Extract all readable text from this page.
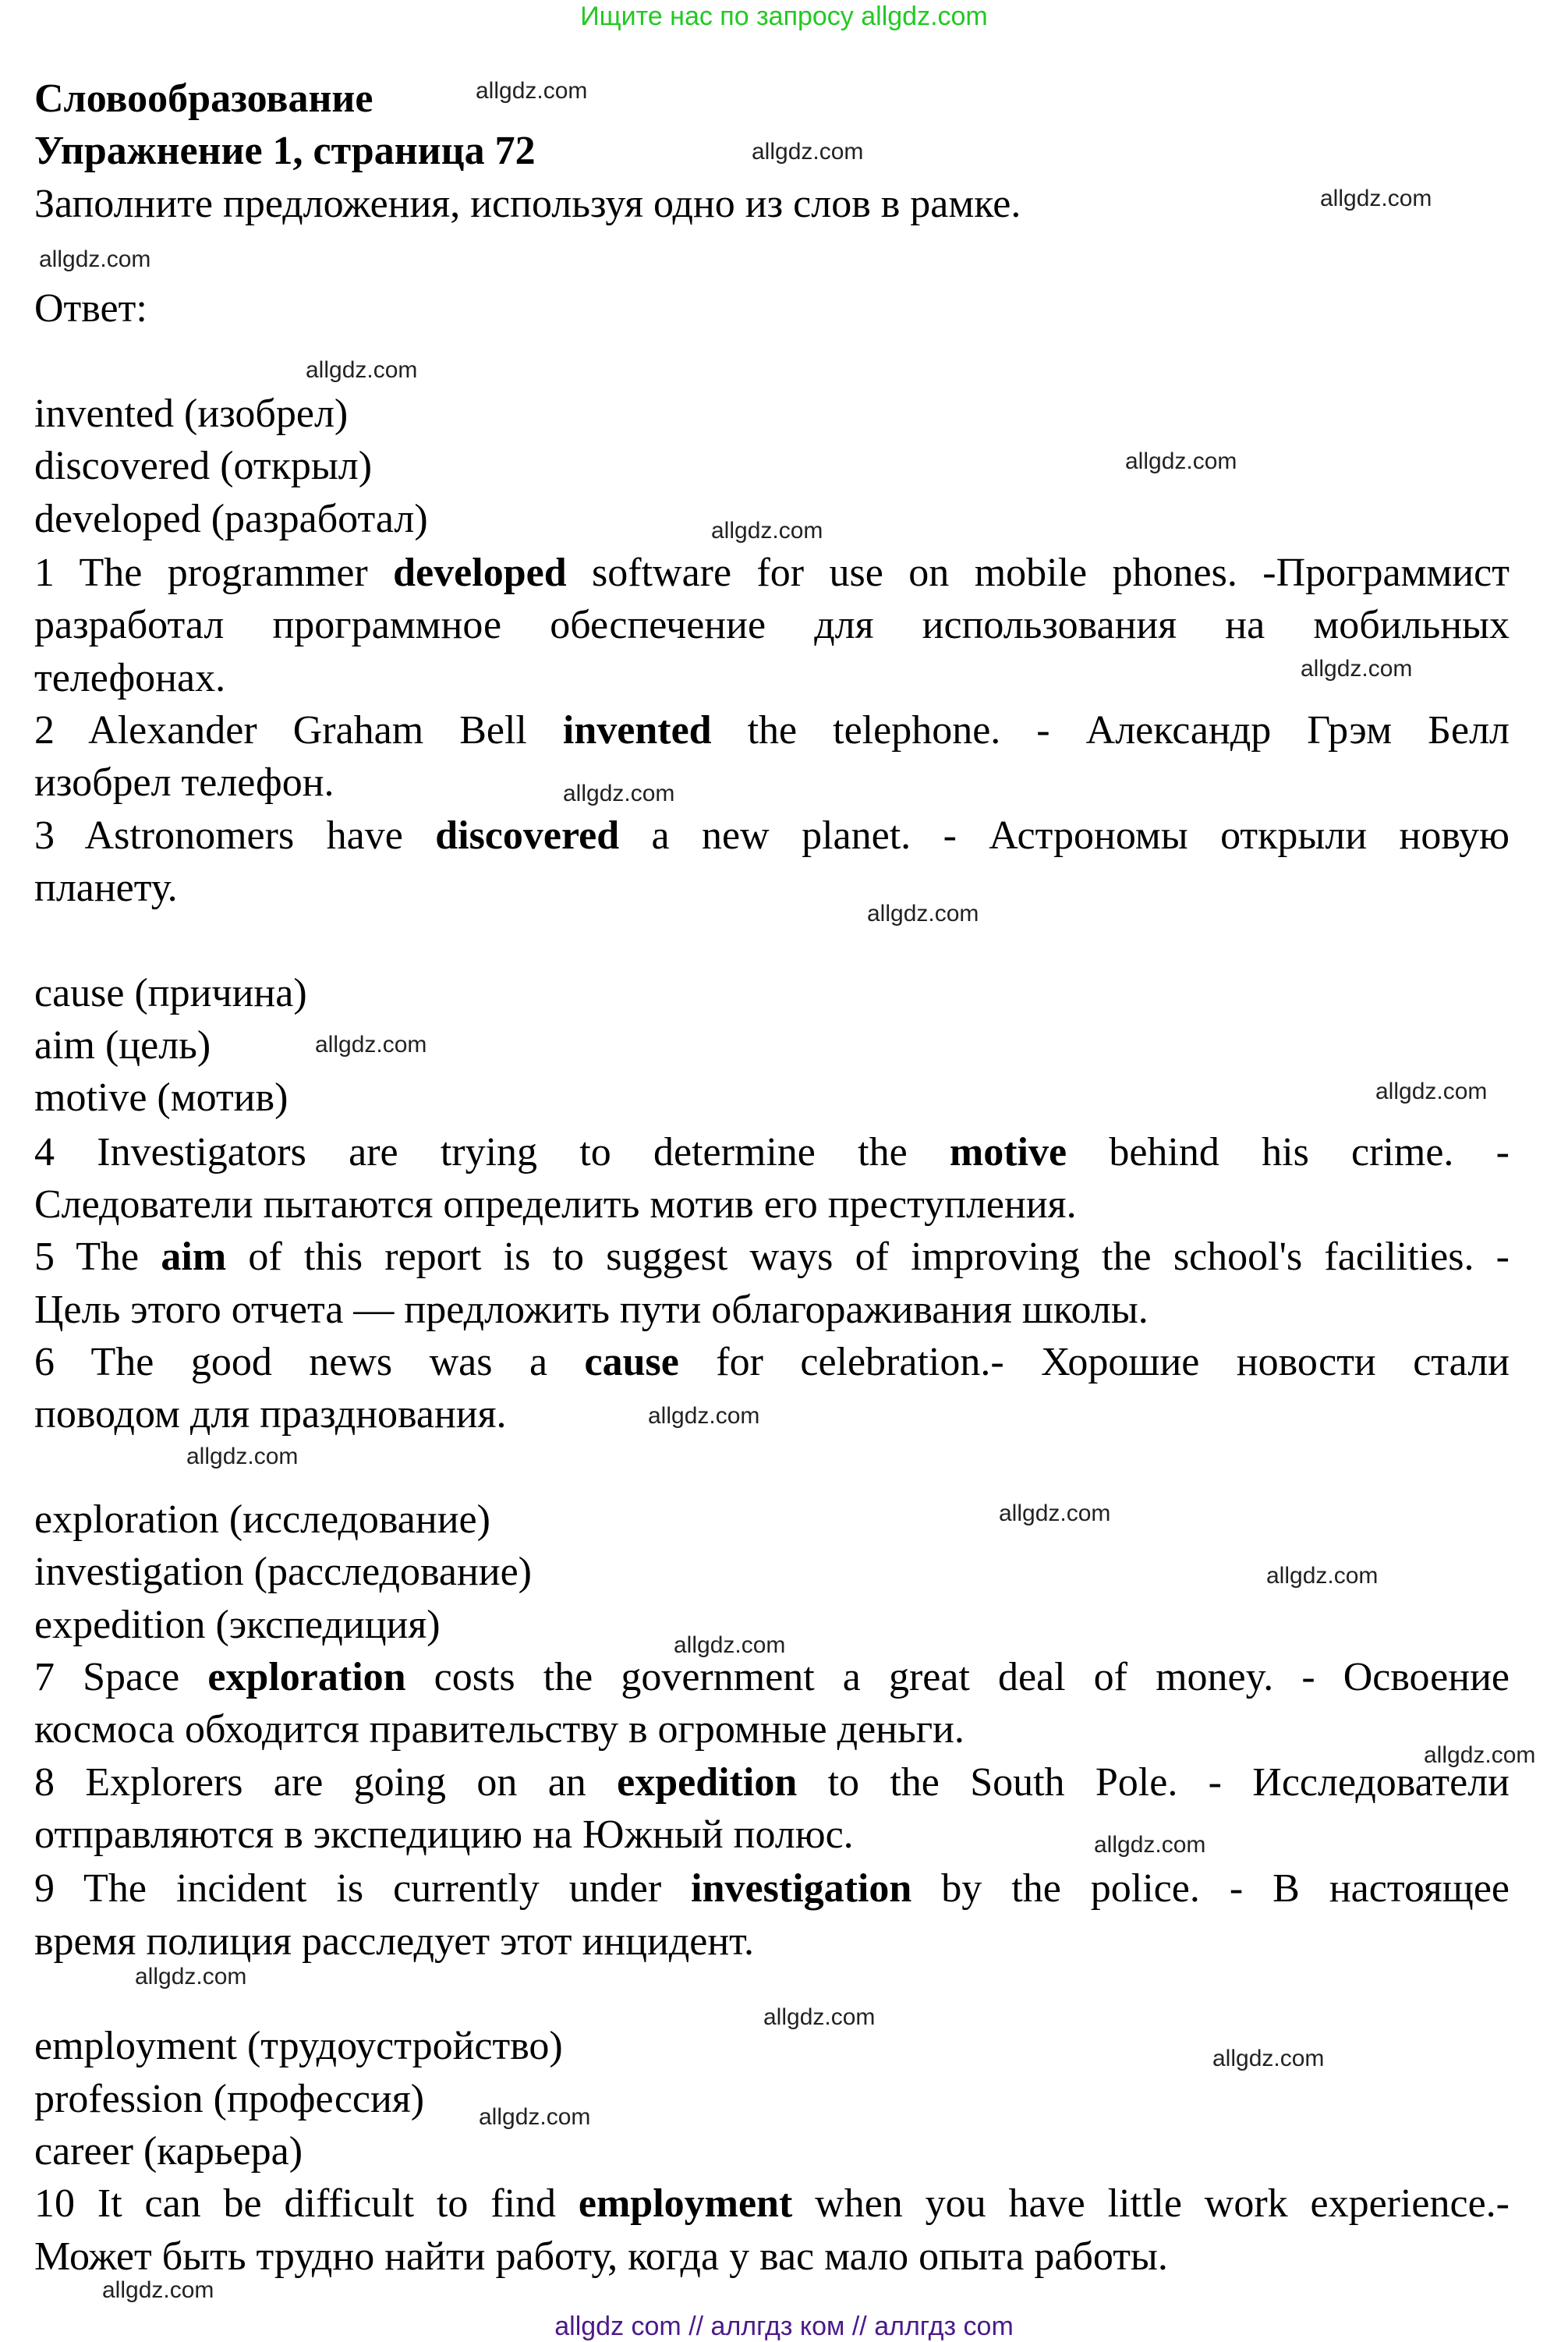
Ищите нас по запросу allgdz.com
Словообразование
Упражнение 1, страница 72
Заполните предложения, используя одно из слов в рамке.
Ответ:
invented (изобрел)
discovered (открыл)
developed (разработал)
1 The programmer developed software for use on mobile phones. -Программист
разработал программное обеспечение для использования на мобильных
телефонах.
2 Alexander Graham Bell invented the telephone. - Александр Грэм Белл
изобрел телефон.
3 Astronomers have discovered a new planet. - Астрономы открыли новую
планету.
cause (причина)
aim (цель)
motive (мотив)
4 Investigators are trying to determine the motive behind his crime. -
Следователи пытаются определить мотив его преступления.
5 The aim of this report is to suggest ways of improving the school's facilities. -
Цель этого отчета — предложить пути облагораживания школы.
6 The good news was a cause for celebration.- Хорошие новости стали
поводом для празднования.
exploration (исследование)
investigation (расследование)
expedition (экспедиция)
7 Space exploration costs the government a great deal of money. - Освоение
космоса обходится правительству в огромные деньги.
8 Explorers are going on an expedition to the South Pole. - Исследователи
отправляются в экспедицию на Южный полюс.
9 The incident is currently under investigation by the police. - В настоящее
время полиция расследует этот инцидент.
employment (трудоустройство)
profession (профессия)
career (карьера)
10 It can be difficult to find employment when you have little work experience.-
Может быть трудно найти работу, когда у вас мало опыта работы.
allgdz.com
allgdz.com
allgdz.com
allgdz.com
allgdz.com
allgdz.com
allgdz.com
allgdz.com
allgdz.com
allgdz.com
allgdz.com
allgdz.com
allgdz.com
allgdz.com
allgdz.com
allgdz.com
allgdz.com
allgdz.com
allgdz.com
allgdz.com
allgdz.com
allgdz.com
allgdz.com
allgdz.com
allgdz com // аллгдз ком // аллгдз com
